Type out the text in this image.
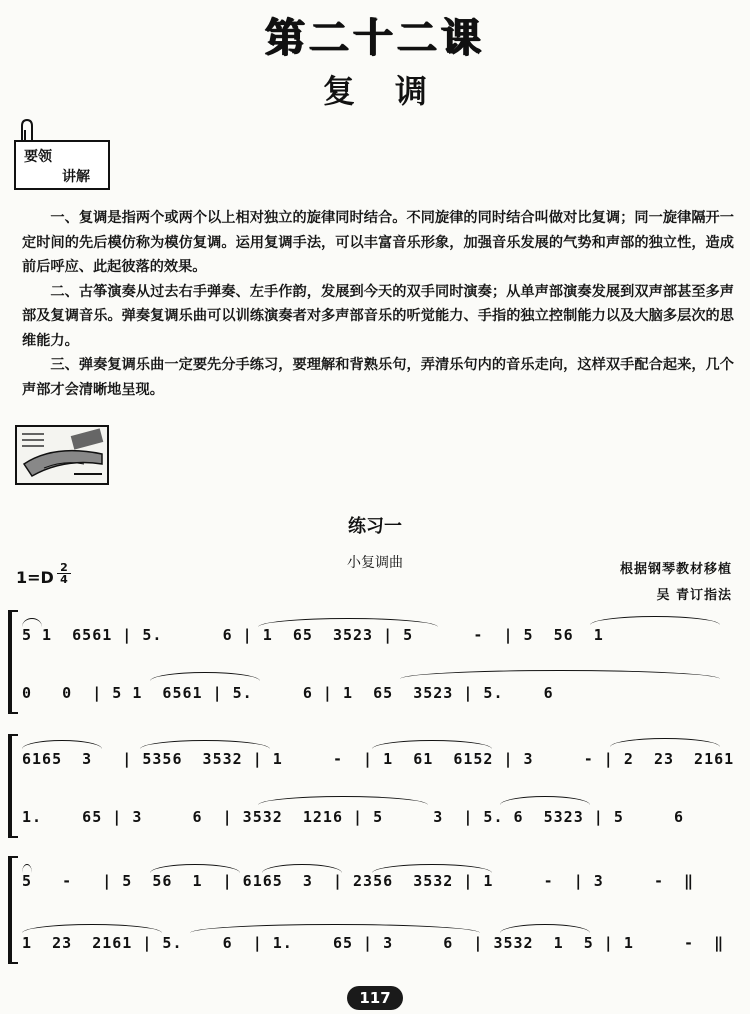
第二十二课
复调
要领
讲解

一、复调是指两个或两个以上相对独立的旋律同时结合。不同旋律的同时结合叫做对比复调；同一旋律隔开一定时间的先后模仿称为模仿复调。运用复调手法，可以丰富音乐形象，加强音乐发展的气势和声部的独立性，造成前后呼应、此起彼落的效果。

二、古筝演奏从过去右手弹奏、左手作韵，发展到今天的双手同时演奏；从单声部演奏发展到双声部甚至多声部及复调音乐。弹奏复调乐曲可以训练演奏者对多声部音乐的听觉能力、手指的独立控制能力以及大脑多层次的思维能力。

三、弹奏复调乐曲一定要先分手练习，要理解和背熟乐句，弄清乐句内的音乐走向，这样双手配合起来，几个声部才会清晰地呈现。

练习一
小复调曲
1=D
2
4
根据钢琴教材移植
吴 青订指法
5 1  6561 | 5.      6 | 1  65  3523 | 5      -  | 5  56  1
0   0  | 5 1  6561 | 5.     6 | 1  65  3523 | 5.    6
6165  3   | 5356  3532 | 1     -  | 1  61  6152 | 3     - | 2  23  2161
1.    65 | 3     6  | 3532  1216 | 5     3  | 5. 6  5323 | 5     6
5   -   | 5  56  1  | 6165  3  | 2356  3532 | 1     -  | 3     -  ‖
1  23  2161 | 5.    6  | 1.    65 | 3     6  | 3532  1  5 | 1     -  ‖
117
